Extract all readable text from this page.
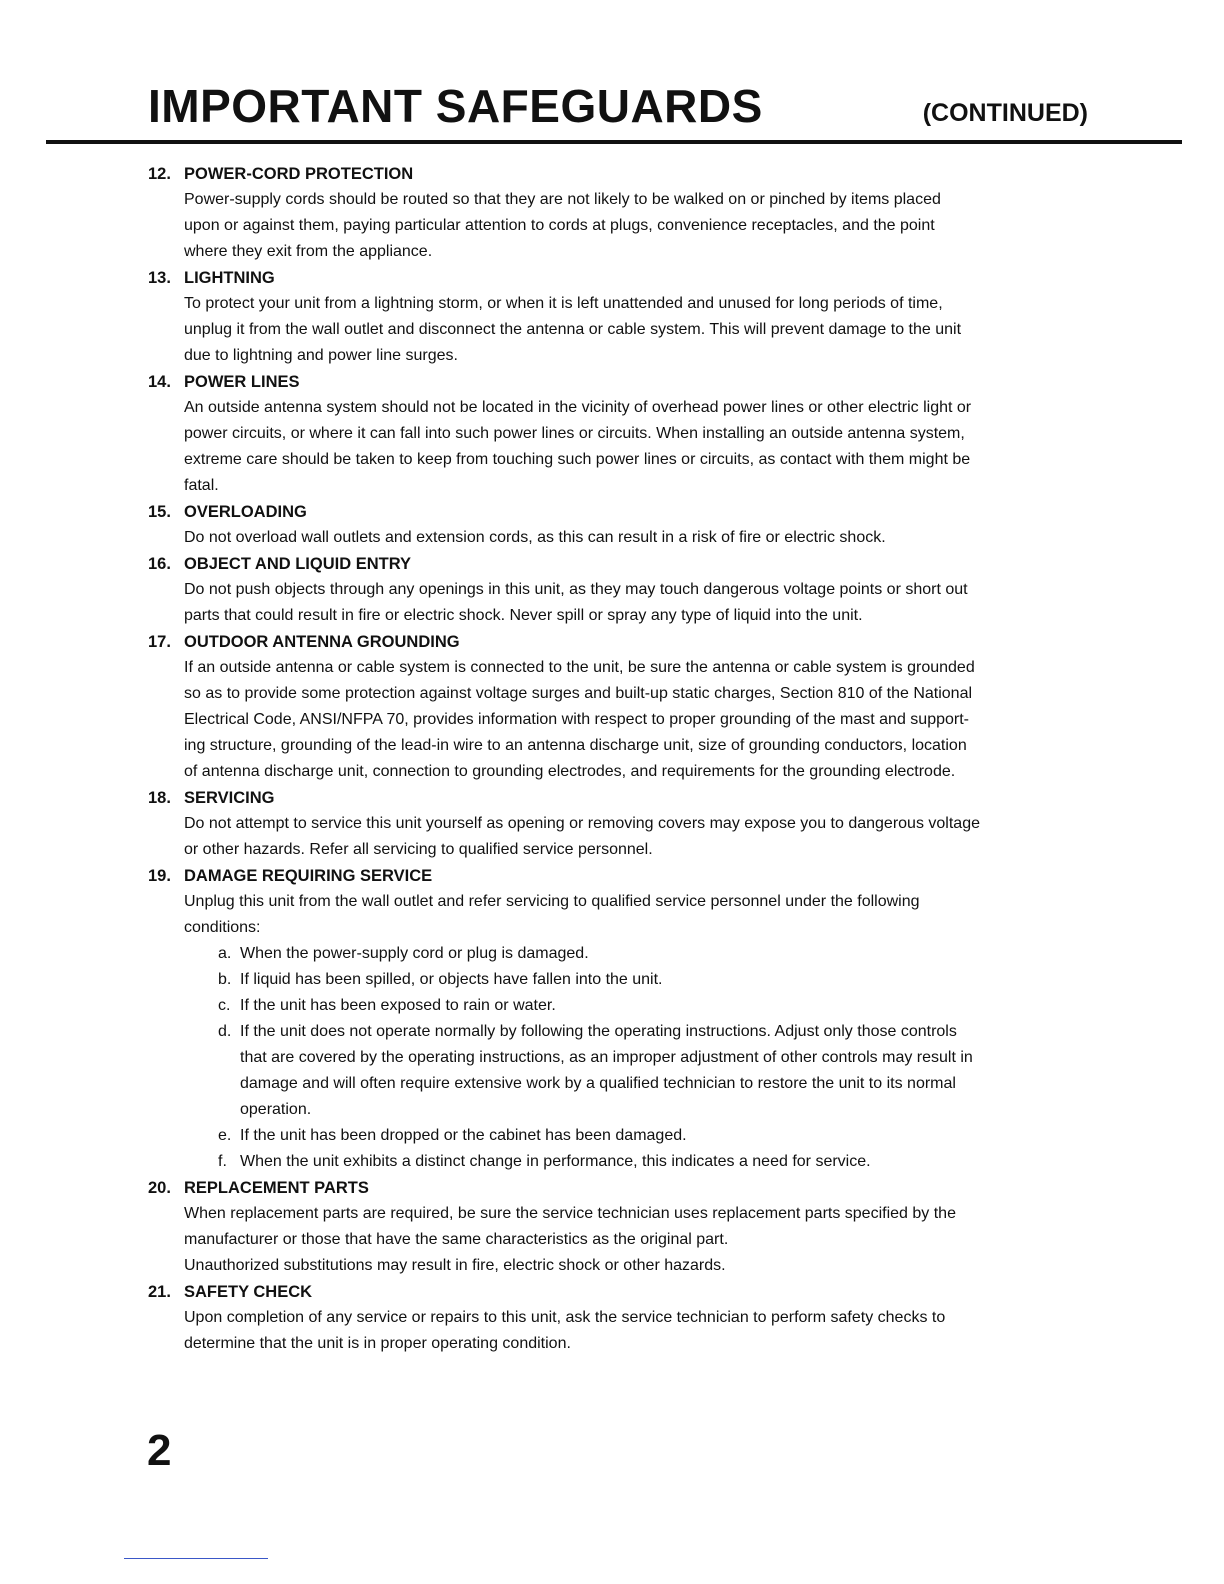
IMPORTANT SAFEGUARDS	(CONTINUED)
12. POWER-CORD PROTECTION
Power-supply cords should be routed so that they are not likely to be walked on or pinched by items placed
upon or against them, paying particular attention to cords at plugs, convenience receptacles, and the point
where they exit from the appliance.
13. LIGHTNING
To protect your unit from a lightning storm, or when it is left unattended and unused for long periods of time,
unplug it from the wall outlet and disconnect the antenna or cable system. This will prevent damage to the unit
due to lightning and power line surges.
14. POWER LINES
An outside antenna system should not be located in the vicinity of overhead power lines or other electric light or
power circuits, or where it can fall into such power lines or circuits. When installing an outside antenna system,
extreme care should be taken to keep from touching such power lines or circuits, as contact with them might be
fatal.
15. OVERLOADING
Do not overload wall outlets and extension cords, as this can result in a risk of fire or electric shock.
16. OBJECT AND LIQUID ENTRY
Do not push objects through any openings in this unit, as they may touch dangerous voltage points or short out
parts that could result in fire or electric shock. Never spill or spray any type of liquid into the unit.
17. OUTDOOR ANTENNA GROUNDING
If an outside antenna or cable system is connected to the unit, be sure the antenna or cable system is grounded
so as to provide some protection against voltage surges and built-up static charges, Section 810 of the National
Electrical Code, ANSI/NFPA 70, provides information with respect to proper grounding of the mast and support-
ing structure, grounding of the lead-in wire to an antenna discharge unit, size of grounding conductors, location
of antenna discharge unit, connection to grounding electrodes, and requirements for the grounding electrode.
18. SERVICING
Do not attempt to service this unit yourself as opening or removing covers may expose you to dangerous voltage
or other hazards. Refer all servicing to qualified service personnel.
19. DAMAGE REQUIRING SERVICE
Unplug this unit from the wall outlet and refer servicing to qualified service personnel under the following
conditions:
a. When the power-supply cord or plug is damaged.
b. If liquid has been spilled, or objects have fallen into the unit.
c. If the unit has been exposed to rain or water.
d. If the unit does not operate normally by following the operating instructions. Adjust only those controls
that are covered by the operating instructions, as an improper adjustment of other controls may result in
damage and will often require extensive work by a qualified technician to restore the unit to its normal
operation.
e. If the unit has been dropped or the cabinet has been damaged.
f. When the unit exhibits a distinct change in performance, this indicates a need for service.
20. REPLACEMENT PARTS
When replacement parts are required, be sure the service technician uses replacement parts specified by the
manufacturer or those that have the same characteristics as the original part.
Unauthorized substitutions may result in fire, electric shock or other hazards.
21. SAFETY CHECK
Upon completion of any service or repairs to this unit, ask the service technician to perform safety checks to
determine that the unit is in proper operating condition.
2
